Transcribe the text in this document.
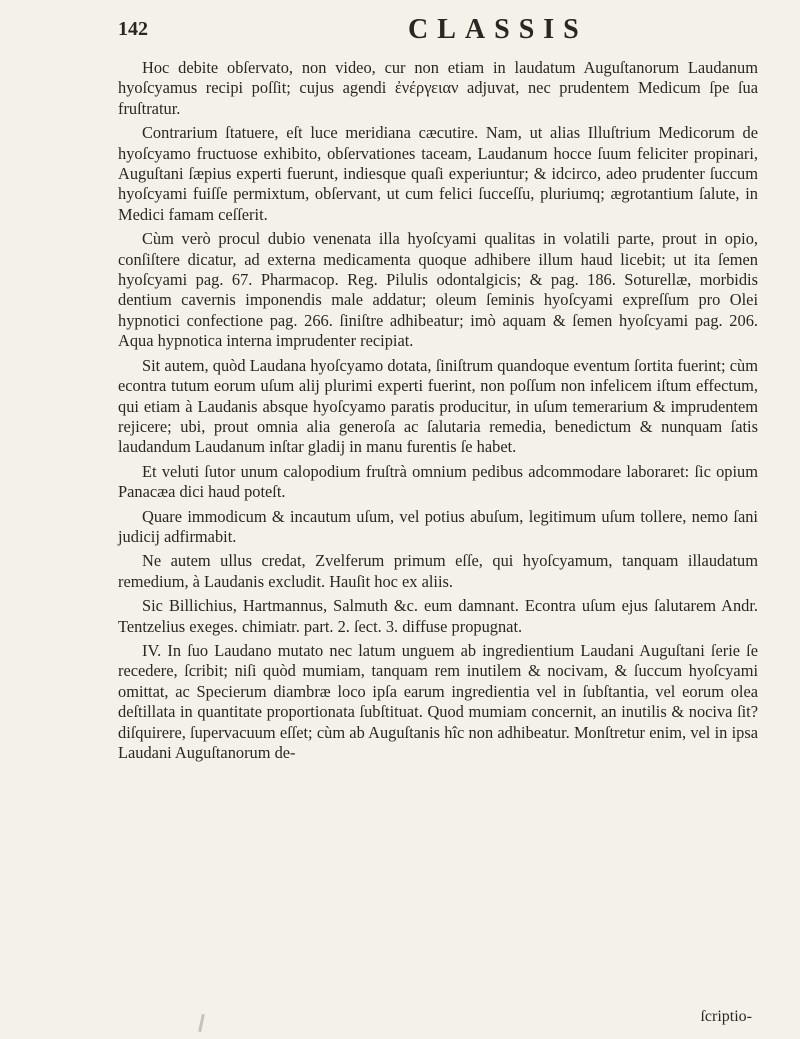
142	CLASSIS

Hoc debite obſervato, non video, cur non etiam in laudatum Auguſtanorum Laudanum hyoſcyamus recipi poſſit; cujus agendi ἐνέργειαν adjuvat, nec prudentem Medicum ſpe ſua fruſtratur.

Contrarium ſtatuere, eſt luce meridiana cæcutire. Nam, ut alias Illuſtrium Medicorum de hyoſcyamo fructuose exhibito, obſervationes taceam, Laudanum hocce ſuum feliciter propinari, Auguſtani ſæpius experti fuerunt, indiesque quaſi experiuntur; & idcirco, adeo prudenter ſuccum hyoſcyami fuiſſe permixtum, obſervant, ut cum felici ſucceſſu, pluriumq; ægrotantium ſalute, in Medici famam ceſſerit.

Cùm verò procul dubio venenata illa hyoſcyami qualitas in volatili parte, prout in opio, conſiſtere dicatur, ad externa medicamenta quoque adhibere illum haud licebit; ut ita ſemen hyoſcyami pag. 67. Pharmacop. Reg. Pilulis odontalgicis; & pag. 186. Soturellæ, morbidis dentium cavernis imponendis male addatur; oleum ſeminis hyoſcyami expreſſum pro Olei hypnotici confectione pag. 266. ſiniſtre adhibeatur; imò aquam & ſemen hyoſcyami pag. 206. Aqua hypnotica interna imprudenter recipiat.

Sit autem, quòd Laudana hyoſcyamo dotata, ſiniſtrum quandoque eventum ſortita fuerint; cùm econtra tutum eorum uſum alij plurimi experti fuerint, non poſſum non infelicem iſtum effectum, qui etiam à Laudanis absque hyoſcyamo paratis producitur, in uſum temerarium & imprudentem rejicere; ubi, prout omnia alia generoſa ac ſalutaria remedia, benedictum & nunquam ſatis laudandum Laudanum inſtar gladij in manu furentis ſe habet.

Et veluti ſutor unum calopodium fruſtrà omnium pedibus adcommodare laboraret: ſic opium Panacæa dici haud poteſt.

Quare immodicum & incautum uſum, vel potius abuſum, legitimum uſum tollere, nemo ſani judicij adfirmabit.

Ne autem ullus credat, Zvelferum primum eſſe, qui hyoſcyamum, tanquam illaudatum remedium, à Laudanis excludit. Hauſit hoc ex aliis.

Sic Billichius, Hartmannus, Salmuth &c. eum damnant. Econtra uſum ejus ſalutarem Andr. Tentzelius exeges. chimiatr. part. 2. ſect. 3. diffuse propugnat.

IV. In ſuo Laudano mutato nec latum unguem ab ingredientium Laudani Auguſtani ſerie ſe recedere, ſcribit; niſi quòd mumiam, tanquam rem inutilem & nocivam, & ſuccum hyoſcyami omittat, ac Specierum diambræ loco ipſa earum ingredientia vel in ſubſtantia, vel eorum olea deſtillata in quantitate proportionata ſubſtituat. Quod mumiam concernit, an inutilis & nociva ſit? diſquirere, ſupervacuum eſſet; cùm ab Auguſtanis hîc non adhibeatur. Monſtretur enim, vel in ipsa Laudani Auguſtanorum de-

ſcriptio-
